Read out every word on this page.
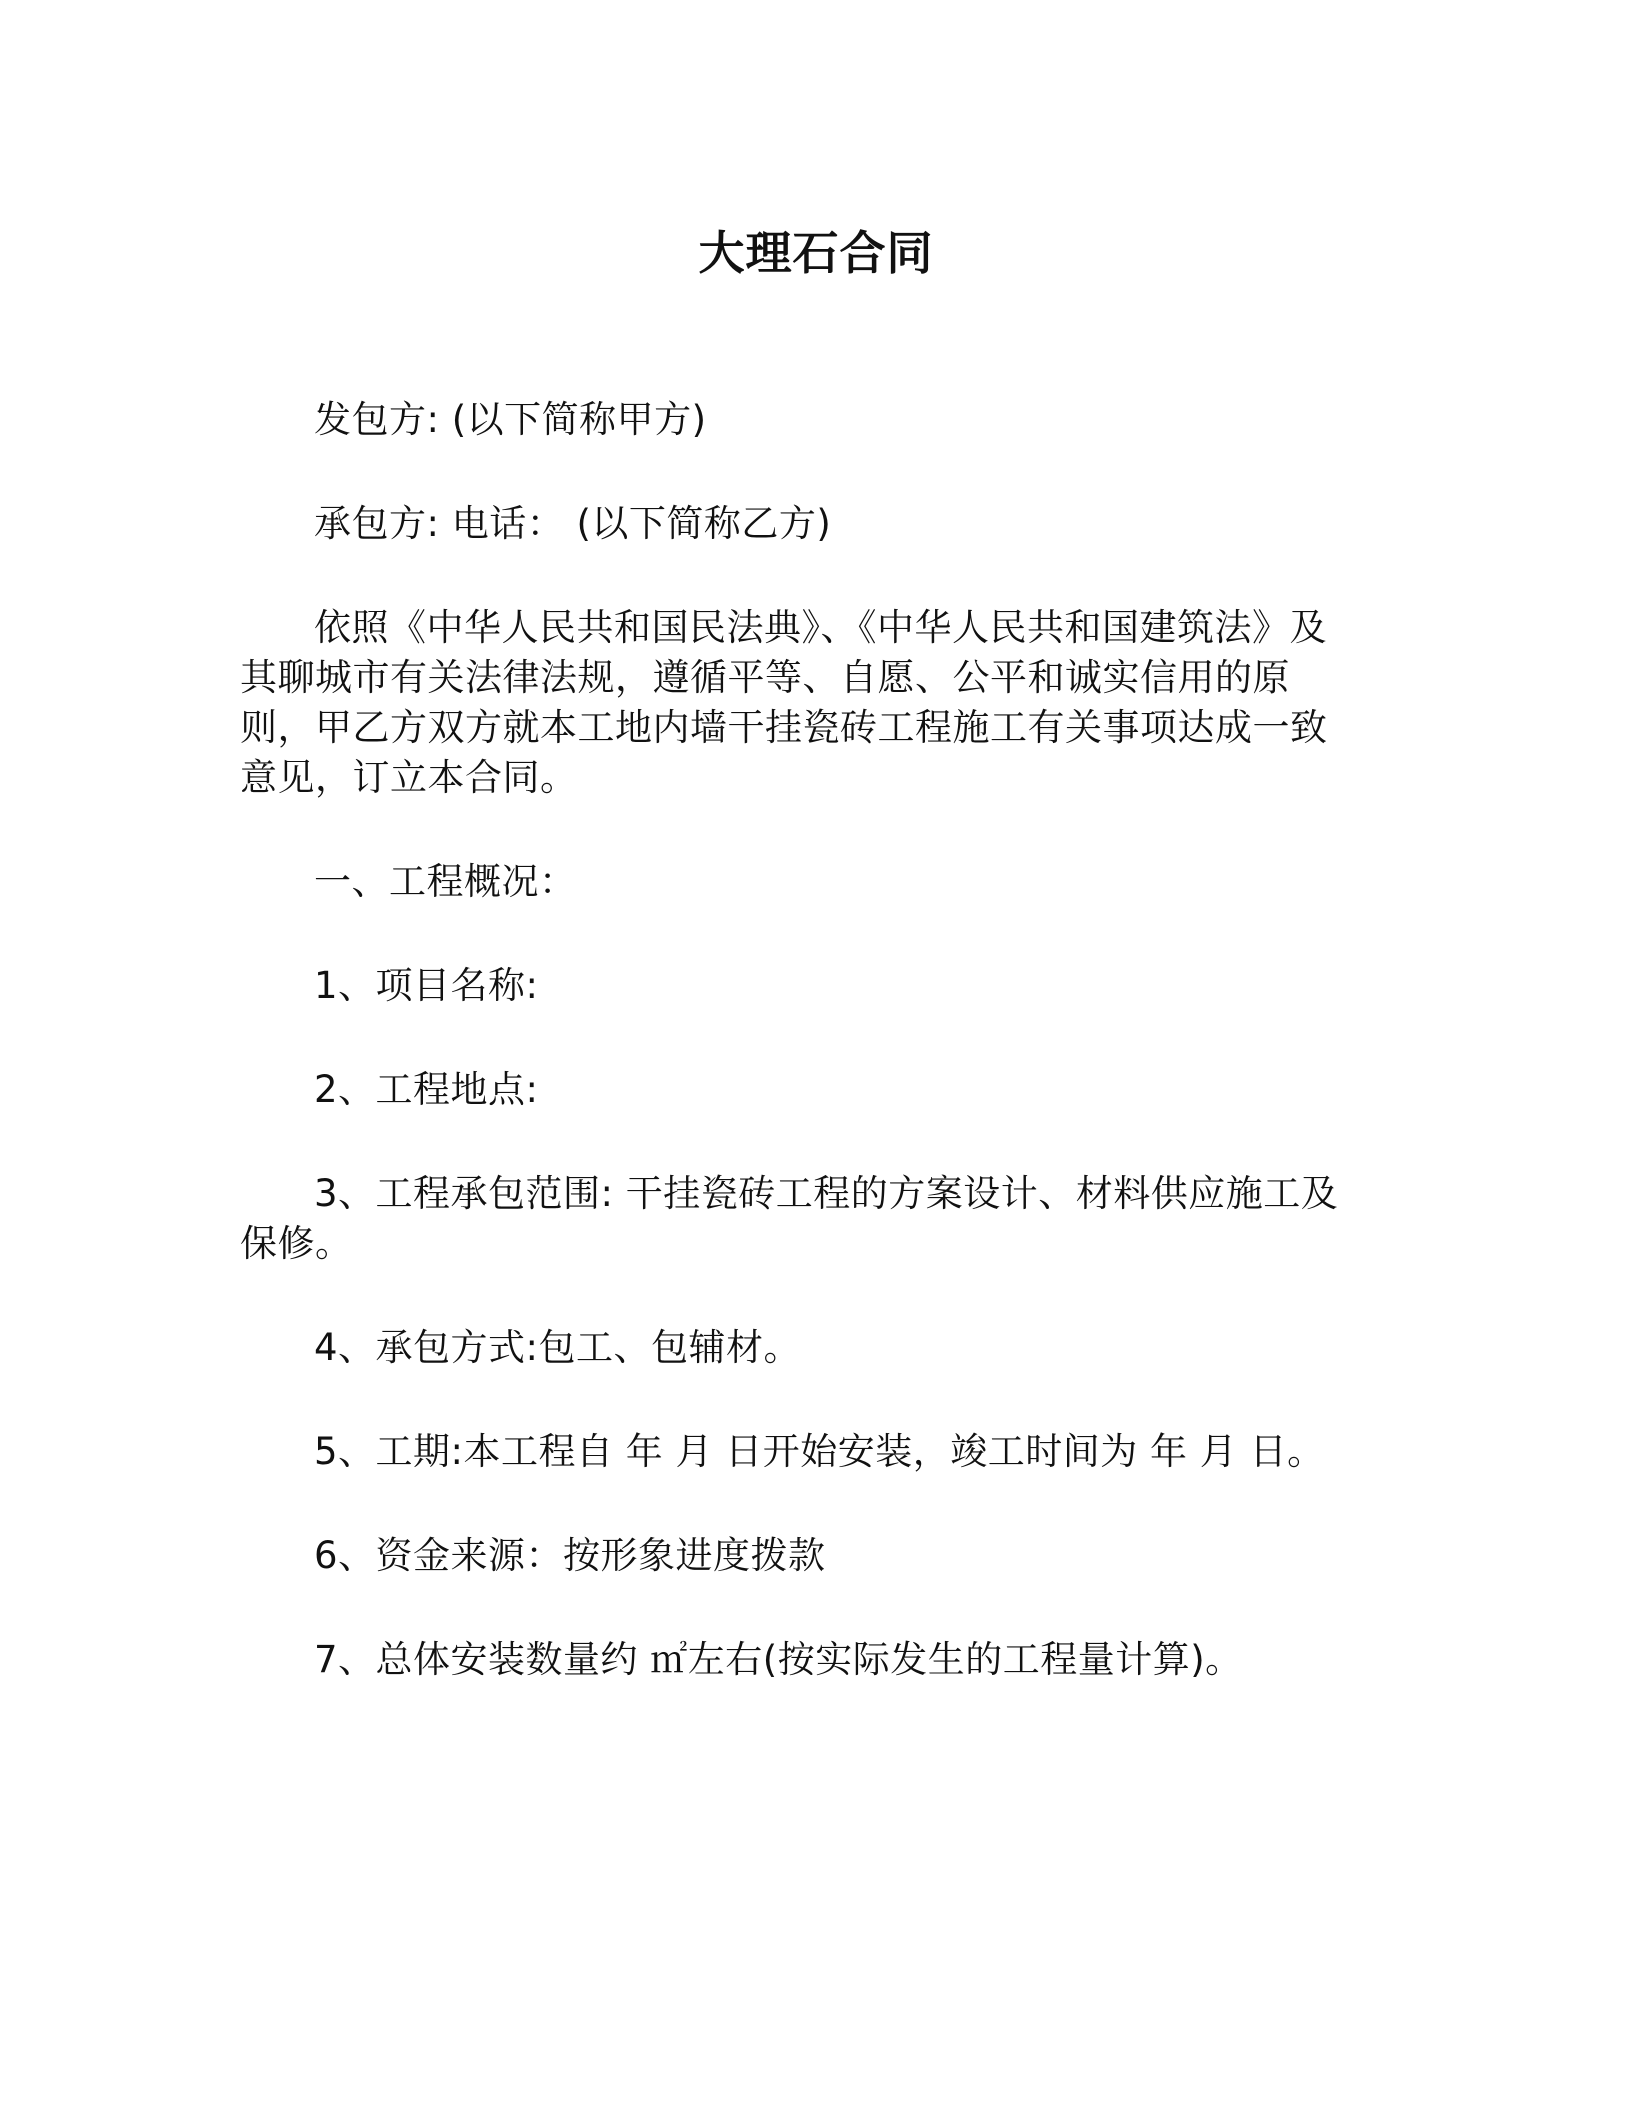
大理石合同

发包方: (以下简称甲方)

承包方: 电话： (以下简称乙方)

依照《中华人民共和国民法典》、《中华人民共和国建筑法》及其聊城市有关法律法规，遵循平等、自愿、公平和诚实信用的原则，甲乙方双方就本工地内墙干挂瓷砖工程施工有关事项达成一致意见，订立本合同。

一、工程概况：

1、项目名称:

2、工程地点:

3、工程承包范围: 干挂瓷砖工程的方案设计、材料供应施工及保修。

4、承包方式:包工、包辅材。

5、工期:本工程自 年 月 日开始安装，竣工时间为 年 月 日。

6、资金来源：按形象进度拨款

7、总体安装数量约 ㎡左右(按实际发生的工程量计算)。
